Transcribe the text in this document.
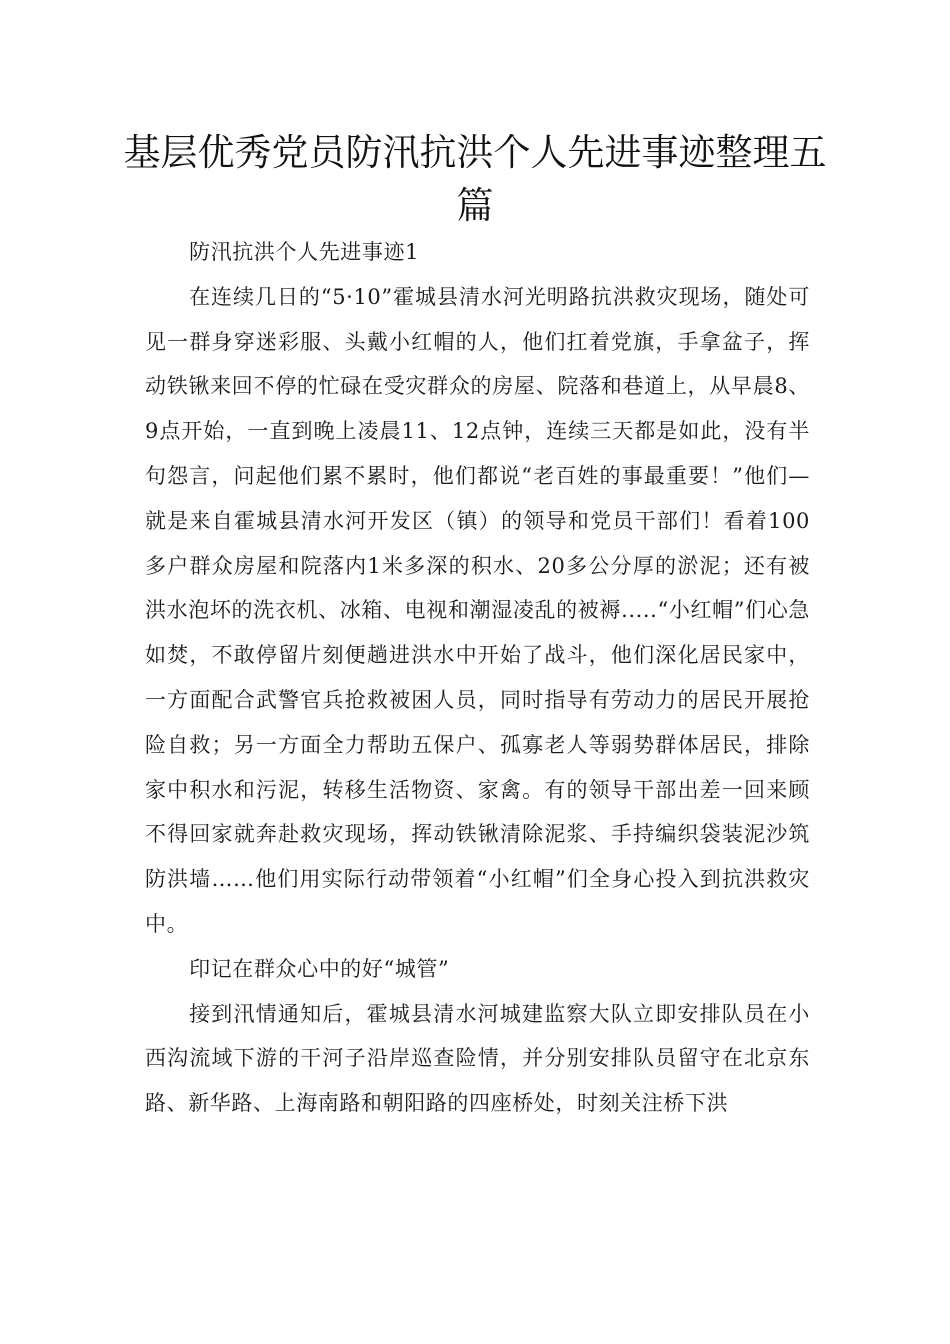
基层优秀党员防汛抗洪个人先进事迹整理五篇

防汛抗洪个人先进事迹1

在连续几日的“5·10”霍城县清水河光明路抗洪救灾现场，随处可见一群身穿迷彩服、头戴小红帽的人，他们扛着党旗，手拿盆子，挥动铁锹来回不停的忙碌在受灾群众的房屋、院落和巷道上，从早晨8、9点开始，一直到晚上凌晨11、12点钟，连续三天都是如此，没有半句怨言，问起他们累不累时，他们都说“老百姓的事最重要！”他们—就是来自霍城县清水河开发区（镇）的领导和党员干部们！看着100多户群众房屋和院落内1米多深的积水、20多公分厚的淤泥；还有被洪水泡坏的洗衣机、冰箱、电视和潮湿凌乱的被褥.....“小红帽”们心急如焚，不敢停留片刻便趟进洪水中开始了战斗，他们深化居民家中，一方面配合武警官兵抢救被困人员，同时指导有劳动力的居民开展抢险自救；另一方面全力帮助五保户、孤寡老人等弱势群体居民，排除家中积水和污泥，转移生活物资、家禽。有的领导干部出差一回来顾不得回家就奔赴救灾现场，挥动铁锹清除泥浆、手持编织袋装泥沙筑防洪墙……他们用实际行动带领着“小红帽”们全身心投入到抗洪救灾中。

印记在群众心中的好“城管”

接到汛情通知后，霍城县清水河城建监察大队立即安排队员在小西沟流域下游的干河子沿岸巡查险情，并分别安排队员留守在北京东路、新华路、上海南路和朝阳路的四座桥处，时刻关注桥下洪
